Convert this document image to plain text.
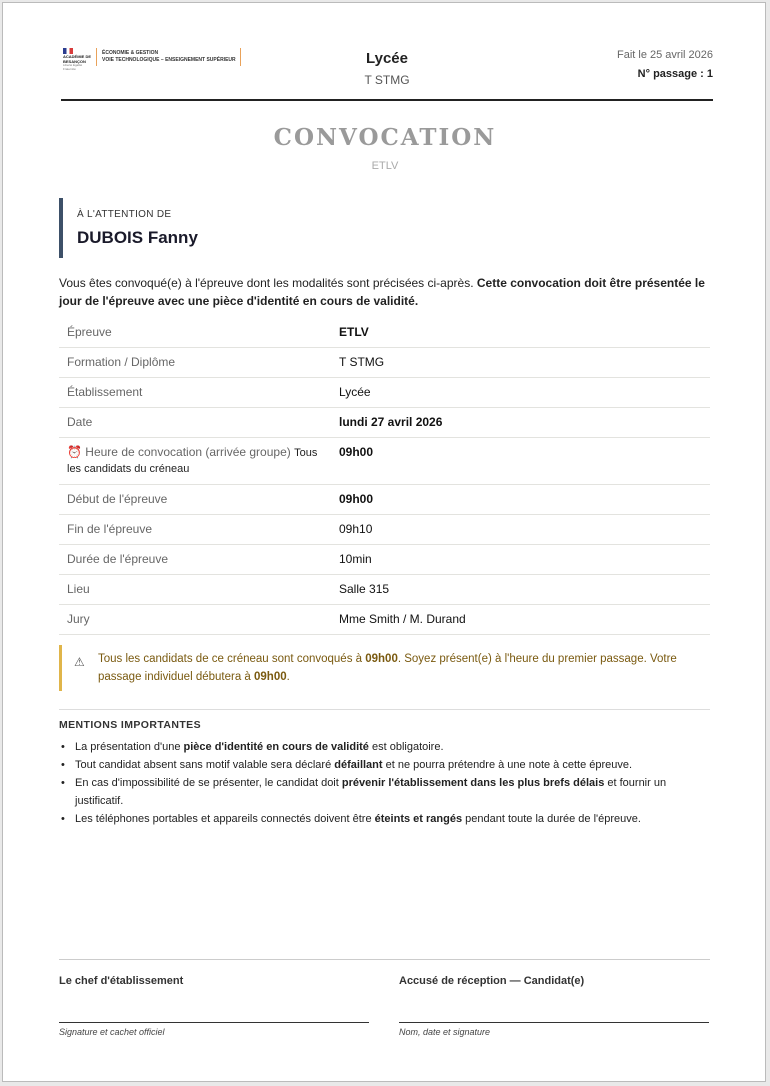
ACADÉMIE DE BESANÇON
Liberté Égalité Fraternité
ÉCONOMIE & GESTION
VOIE TECHNOLOGIQUE – ENSEIGNEMENT SUPÉRIEUR	Lycée
T STMG
Fait le 25 avril 2026
N° passage : 1
CONVOCATION
ETLV
À L'ATTENTION DE
DUBOIS Fanny
Vous êtes convoqué(e) à l'épreuve dont les modalités sont précisées ci-après. Cette convocation doit être présentée le jour de l'épreuve avec une pièce d'identité en cours de validité.
Épreuve	ETLV
Formation / Diplôme	T STMG
Établissement	Lycée
Date	lundi 27 avril 2026
⏰ Heure de convocation (arrivée groupe) Tous les candidats du créneau	09h00
Début de l'épreuve	09h00
Fin de l'épreuve	09h10
Durée de l'épreuve	10min
Lieu	Salle 315
Jury	Mme Smith / M. Durand
⚠ Tous les candidats de ce créneau sont convoqués à 09h00. Soyez présent(e) à l'heure du premier passage. Votre passage individuel débutera à 09h00.
MENTIONS IMPORTANTES
• La présentation d'une pièce d'identité en cours de validité est obligatoire.
• Tout candidat absent sans motif valable sera déclaré défaillant et ne pourra prétendre à une note à cette épreuve.
• En cas d'impossibilité de se présenter, le candidat doit prévenir l'établissement dans les plus brefs délais et fournir un justificatif.
• Les téléphones portables et appareils connectés doivent être éteints et rangés pendant toute la durée de l'épreuve.
Le chef d'établissement	Accusé de réception — Candidat(e)
Signature et cachet officiel	Nom, date et signature
